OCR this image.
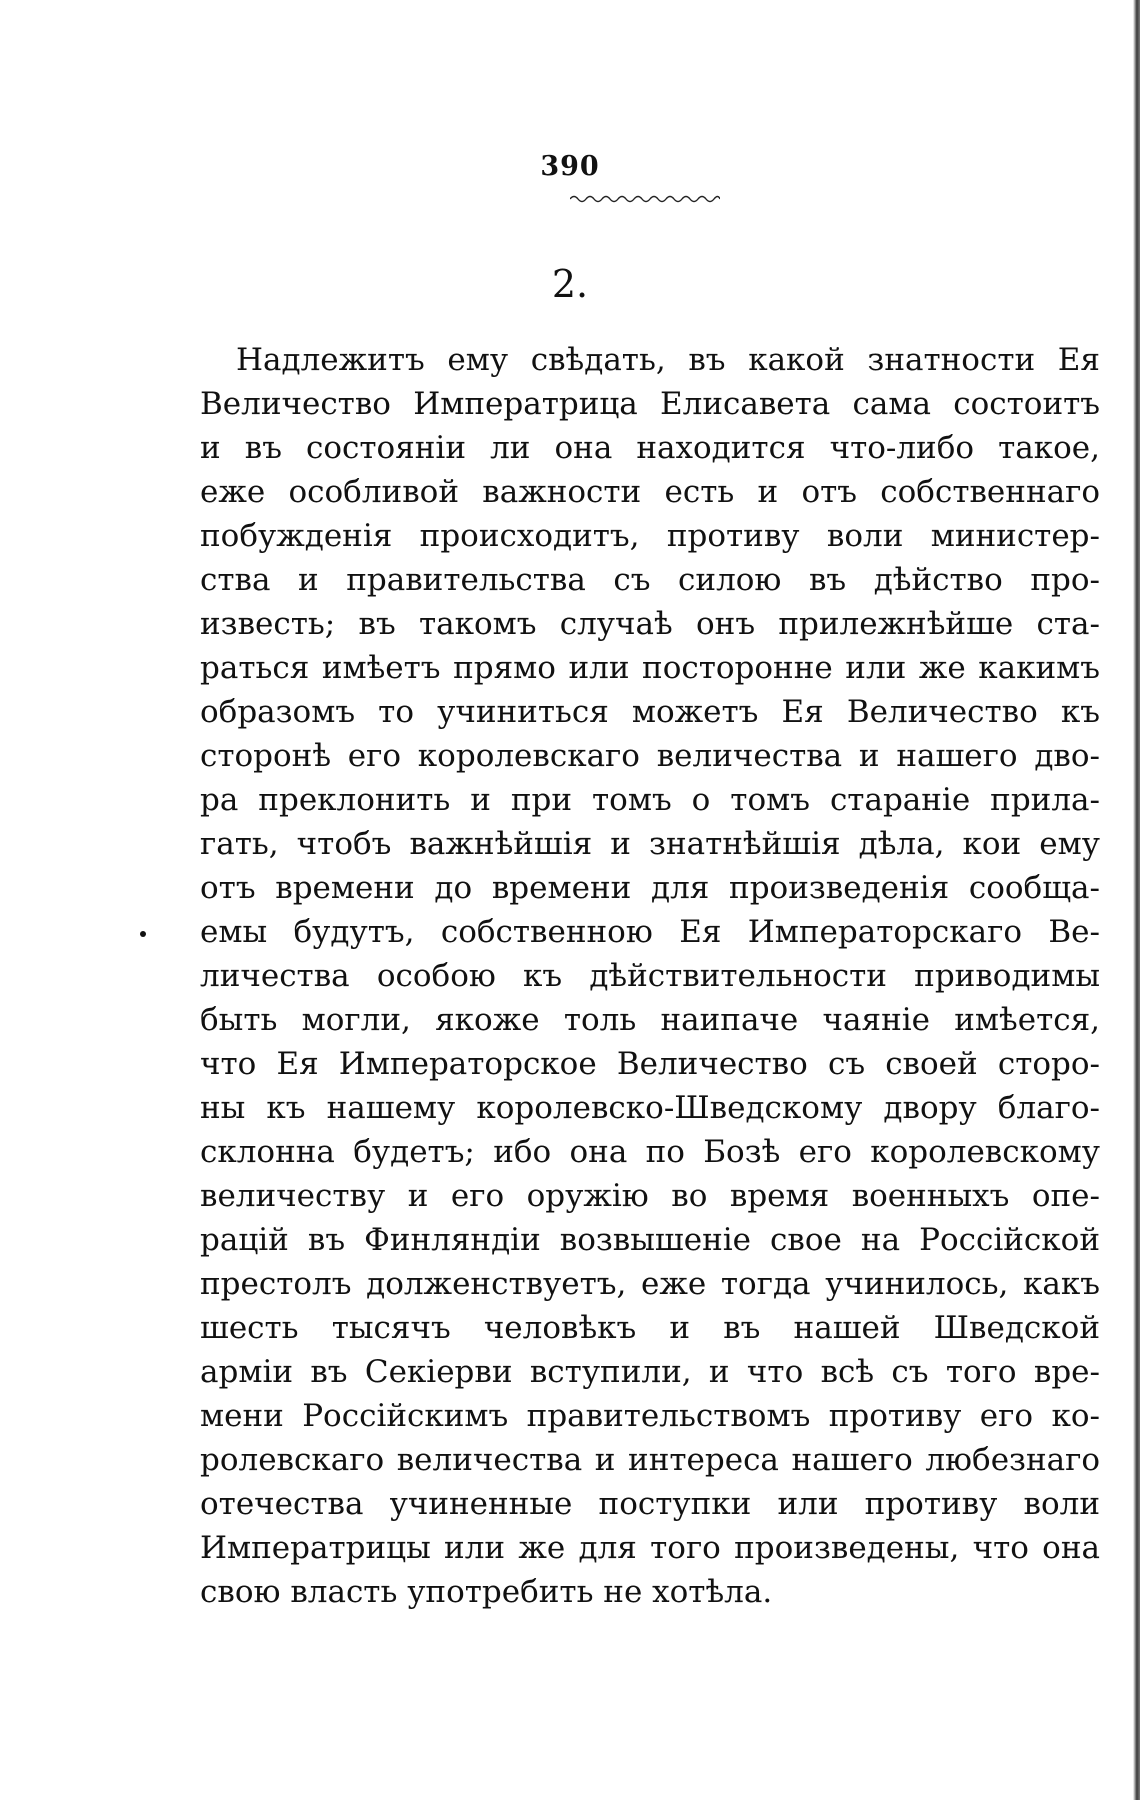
390
2.
Надлежитъ ему свѣдать, въ какой знатности Ея
Величество Императрица Елисавета сама состоитъ
и въ состояніи ли она находится что-либо такое,
еже особливой важности есть и отъ собственнаго
побужденія происходитъ, противу воли министер-
ства и правительства съ силою въ дѣйство про-
известь; въ такомъ случаѣ онъ прилежнѣйше ста-
раться имѣетъ прямо или посторонне или же какимъ
образомъ то учиниться можетъ Ея Величество къ
сторонѣ его королевскаго величества и нашего дво-
ра преклонить и при томъ о томъ стараніе прила-
гать, чтобъ важнѣйшія и знатнѣйшія дѣла, кои ему
отъ времени до времени для произведенія сообща-
емы будутъ, собственною Ея Императорскаго Ве-
личества особою къ дѣйствительности приводимы
быть могли, якоже толь наипаче чаяніе имѣется,
что Ея Императорское Величество съ своей сторо-
ны къ нашему королевско-Шведскому двору благо-
склонна будетъ; ибо она по Бозѣ его королевскому
величеству и его оружію во время военныхъ опе-
рацій въ Финляндіи возвышеніе свое на Россійской
престолъ долженствуетъ, еже тогда учинилось, какъ
шесть тысячъ человѣкъ и въ нашей Шведской
арміи въ Секіерви вступили, и что всѣ съ того вре-
мени Россійскимъ правительствомъ противу его ко-
ролевскаго величества и интереса нашего любезнаго
отечества учиненные поступки или противу воли
Императрицы или же для того произведены, что она
свою власть употребить не хотѣла.
